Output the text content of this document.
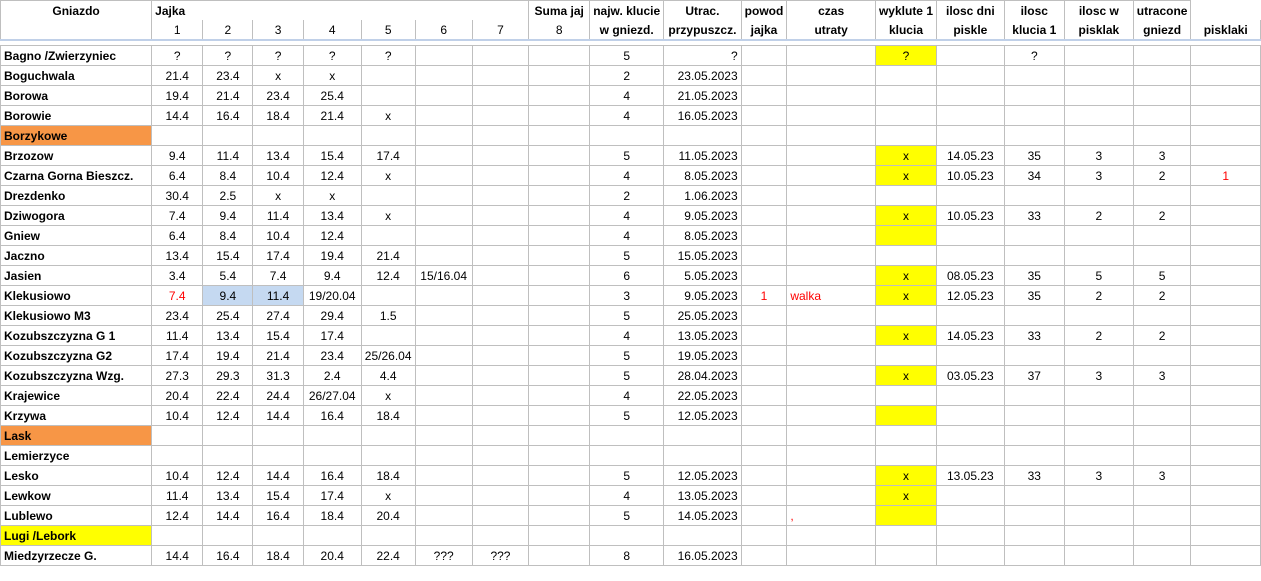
Gniazdo	Jajka							Suma jaj	najw. klucie	Utrac.	powod	czas	wyklute 1	ilosc dni	ilosc	ilosc w	utracone	
	1	2	3	4	5	6	7	8	w gniezd.	przypuszcz.	jajka	utraty	klucia	piskle	klucia 1	pisklak	gniezd	pisklaki

Bagno /Zwierzyniec	?	?	?	?	?				5	?			?		?			
Boguchwala	21.4	23.4	x	x					2	23.05.2023								
Borowa	19.4	21.4	23.4	25.4					4	21.05.2023								
Borowie	14.4	16.4	18.4	21.4	x				4	16.05.2023								
Borzykowe																		
Brzozow	9.4	11.4	13.4	15.4	17.4				5	11.05.2023			x	14.05.23	35	3	3	
Czarna Gorna Bieszcz.	6.4	8.4	10.4	12.4	x				4	8.05.2023			x	10.05.23	34	3	2	1
Drezdenko	30.4	2.5	x	x					2	1.06.2023								
Dziwogora	7.4	9.4	11.4	13.4	x				4	9.05.2023			x	10.05.23	33	2	2	
Gniew	6.4	8.4	10.4	12.4					4	8.05.2023								
Jaczno	13.4	15.4	17.4	19.4	21.4				5	15.05.2023								
Jasien	3.4	5.4	7.4	9.4	12.4	15/16.04			6	5.05.2023			x	08.05.23	35	5	5	
Klekusiowo	7.4	9.4	11.4	19/20.04					3	9.05.2023	1	walka	x	12.05.23	35	2	2	
Klekusiowo M3	23.4	25.4	27.4	29.4	1.5				5	25.05.2023								
Kozubszczyzna G 1	11.4	13.4	15.4	17.4					4	13.05.2023			x	14.05.23	33	2	2	
Kozubszczyzna G2	17.4	19.4	21.4	23.4	25/26.04				5	19.05.2023								
Kozubszczyzna Wzg.	27.3	29.3	31.3	2.4	4.4				5	28.04.2023			x	03.05.23	37	3	3	
Krajewice	20.4	22.4	24.4	26/27.04	x				4	22.05.2023								
Krzywa	10.4	12.4	14.4	16.4	18.4				5	12.05.2023								
Lask																		
Lemierzyce																		
Lesko	10.4	12.4	14.4	16.4	18.4				5	12.05.2023			x	13.05.23	33	3	3	
Lewkow	11.4	13.4	15.4	17.4	x				4	13.05.2023			x					
Lublewo	12.4	14.4	16.4	18.4	20.4				5	14.05.2023		,						
Lugi /Lebork																		
Miedzyrzecze G.	14.4	16.4	18.4	20.4	22.4	???	???		8	16.05.2023								
